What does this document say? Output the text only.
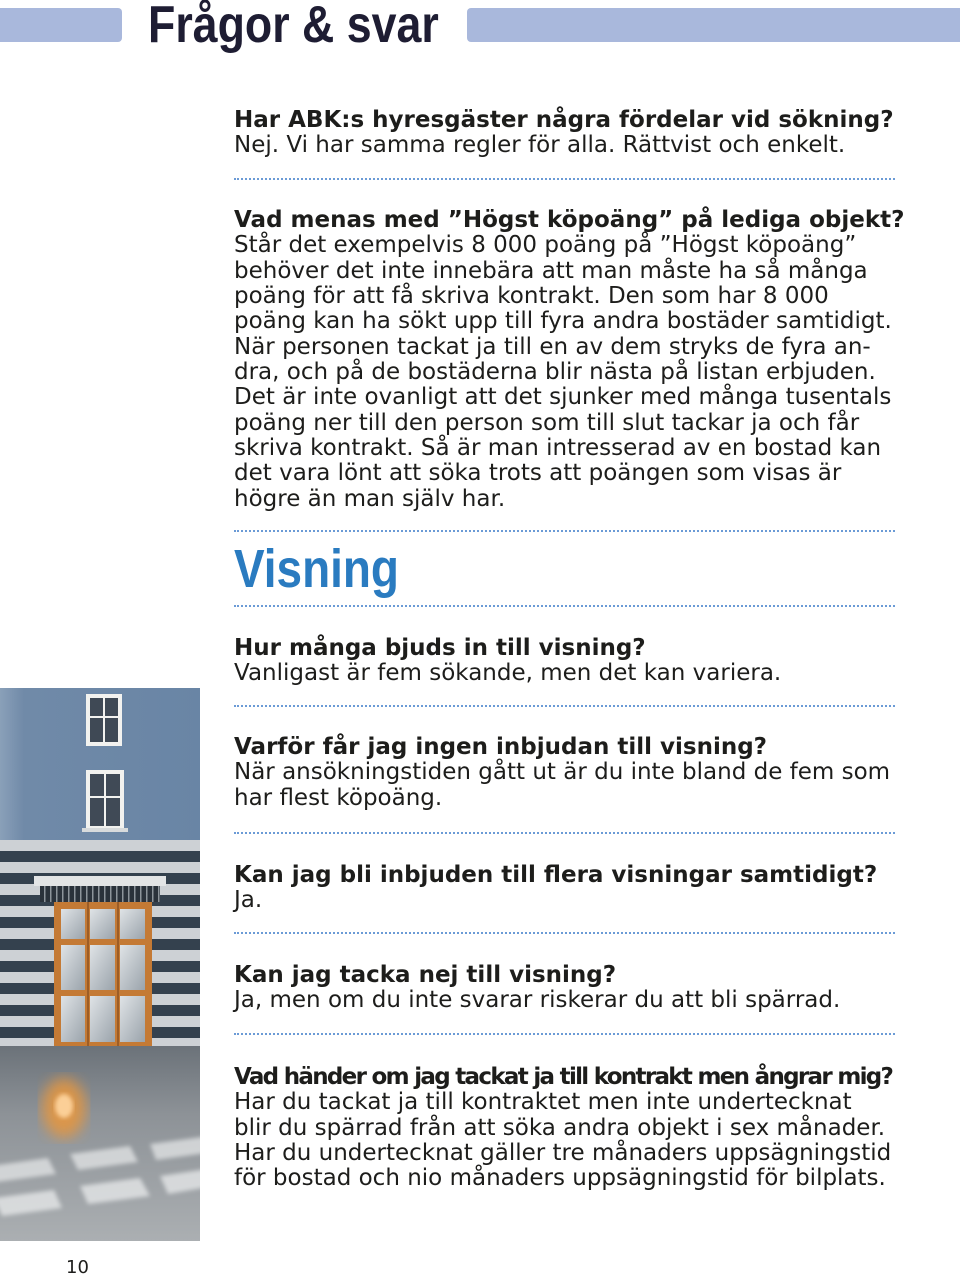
Frågor & svar
Har ABK:s hyresgäster några fördelar vid sökning?
Nej. Vi har samma regler för alla. Rättvist och enkelt.
Vad menas med ”Högst köpoäng” på lediga objekt?
Står det exempelvis 8 000 poäng på ”Högst köpoäng”
behöver det inte innebära att man måste ha så många
poäng för att få skriva kontrakt. Den som har 8 000
poäng kan ha sökt upp till fyra andra bostäder samtidigt.
När personen tackat ja till en av dem stryks de fyra an-
dra, och på de bostäderna blir nästa på listan erbjuden.
Det är inte ovanligt att det sjunker med många tusentals
poäng ner till den person som till slut tackar ja och får
skriva kontrakt. Så är man intresserad av en bostad kan
det vara lönt att söka trots att poängen som visas är
högre än man själv har.
Visning
Hur många bjuds in till visning?
Vanligast är fem sökande, men det kan variera.
Varför får jag ingen inbjudan till visning?
När ansökningstiden gått ut är du inte bland de fem som
har flest köpoäng.
Kan jag bli inbjuden till flera visningar samtidigt?
Ja.
Kan jag tacka nej till visning?
Ja, men om du inte svarar riskerar du att bli spärrad.
Vad händer om jag tackat ja till kontrakt men ångrar mig?
Har du tackat ja till kontraktet men inte undertecknat
blir du spärrad från att söka andra objekt i sex månader.
Har du undertecknat gäller tre månaders uppsägningstid
för bostad och nio månaders uppsägningstid för bilplats.
10
